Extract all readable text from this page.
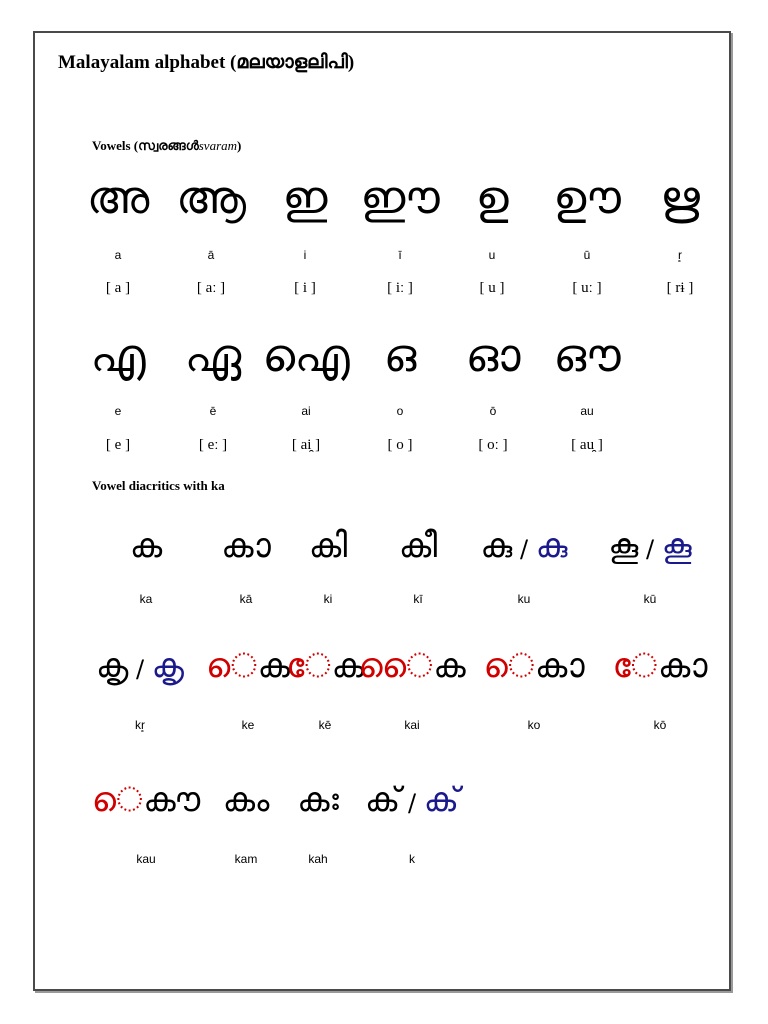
Malayalam alphabet (മലയാളലിപി)
Vowels (സ്വരങ്ങൾsvaram)
Vowel diacritics with ka
അ
a
[ a ]
ആ
ā
[ aː ]
ഇ
i
[ i ]
ഈ
ī
[ iː ]
ഉ
u
[ u ]
ഊ
ū
[ uː ]
ഋ
r̥
[ rɨ ]
എ
e
[ e ]
ഏ
ē
[ eː ]
ഐ
ai
[ ai̯ ]
ഒ
o
[ o ]
ഓ
ō
[ oː ]
ഔ
au
[ au̯ ]
ക
ka
ക
kā
ക
ki
ക
kī
കു / കു
ku
കൂ / കൂ
kū
കൃ / കൃ
kr̥
െക
ke
േക
kē
ൈക
kai
െക
ko
േക
kō
െക
kau
ക
kam
ക
kah
ക് / ക്
k
